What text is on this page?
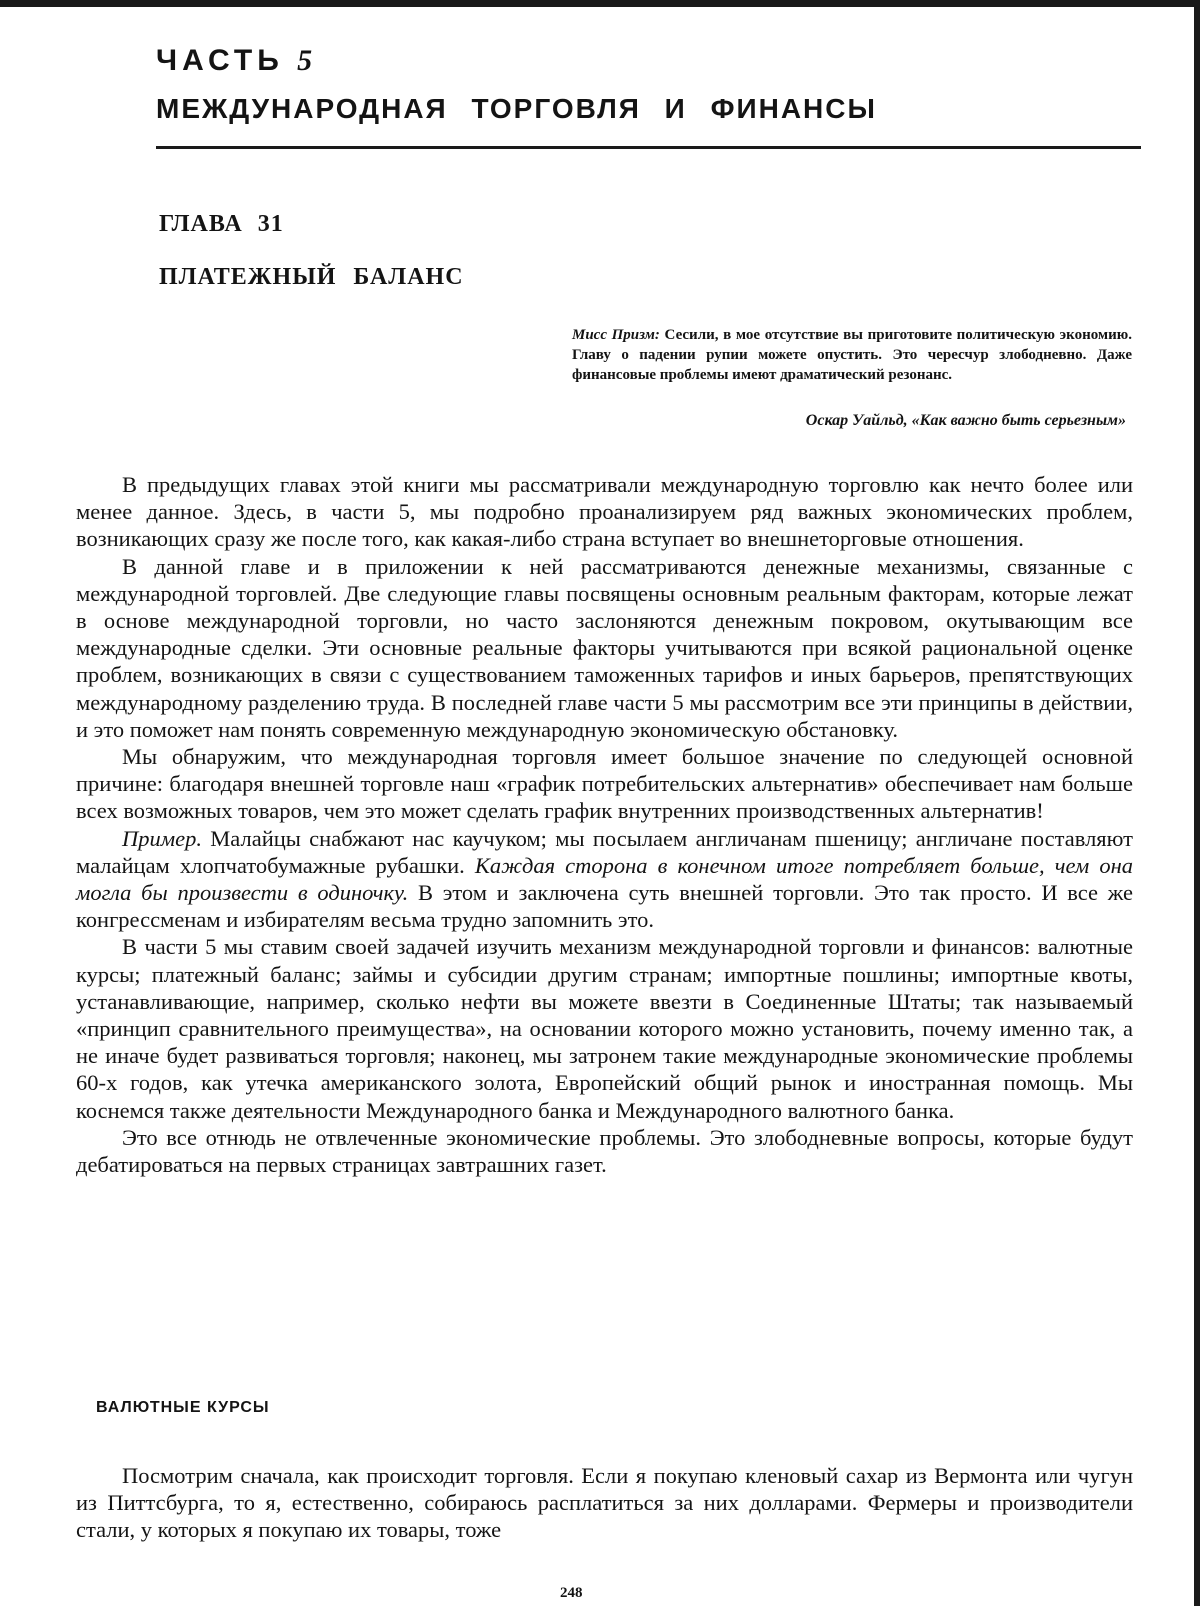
ЧАСТЬ 5
МЕЖДУНАРОДНАЯ ТОРГОВЛЯ И ФИНАНСЫ
ГЛАВА 31
ПЛАТЕЖНЫЙ БАЛАНС
Мисс Призм: Сесили, в мое отсутствие вы приготовите политическую экономию. Главу о падении рупии можете опустить. Это чересчур злободневно. Даже финансовые проблемы имеют драматический резонанс.
Оскар Уайльд, «Как важно быть серьезным»

В предыдущих главах этой книги мы рассматривали международную торговлю как нечто более или менее данное. Здесь, в части 5, мы подробно проанализируем ряд важных экономических проблем, возникающих сразу же после того, как какая-либо страна вступает во внешнеторговые отношения.

В данной главе и в приложении к ней рассматриваются денежные механизмы, связанные с международной торговлей. Две следующие главы посвящены основным реальным факторам, которые лежат в основе международной торговли, но часто заслоняются денежным покровом, окутывающим все международные сделки. Эти основные реальные факторы учитываются при всякой рациональной оценке проблем, возникающих в связи с существованием таможенных тарифов и иных барьеров, препятствующих международному разделению труда. В последней главе части 5 мы рассмотрим все эти принципы в действии, и это поможет нам понять современную международную экономическую обстановку.

Мы обнаружим, что международная торговля имеет большое значение по следующей основной причине: благодаря внешней торговле наш «график потребительских альтернатив» обеспечивает нам больше всех возможных товаров, чем это может сделать график внутренних производственных альтернатив!

Пример. Малайцы снабжают нас каучуком; мы посылаем англичанам пшеницу; англичане поставляют малайцам хлопчатобумажные рубашки. Каждая сторона в конечном итоге потребляет больше, чем она могла бы произвести в одиночку. В этом и заключена суть внешней торговли. Это так просто. И все же конгрессменам и избирателям весьма трудно запомнить это.

В части 5 мы ставим своей задачей изучить механизм международной торговли и финансов: валютные курсы; платежный баланс; займы и субсидии другим странам; импортные пошлины; импортные квоты, устанавливающие, например, сколько нефти вы можете ввезти в Соединенные Штаты; так называемый «принцип сравнительного преимущества», на основании которого можно установить, почему именно так, а не иначе будет развиваться торговля; наконец, мы затронем такие международные экономические проблемы 60-х годов, как утечка американского золота, Европейский общий рынок и иностранная помощь. Мы коснемся также деятельности Международного банка и Международного валютного банка.

Это все отнюдь не отвлеченные экономические проблемы. Это злободневные вопросы, которые будут дебатироваться на первых страницах завтрашних газет.

ВАЛЮТНЫЕ КУРСЫ

Посмотрим сначала, как происходит торговля. Если я покупаю кленовый сахар из Вермонта или чугун из Питтсбурга, то я, естественно, собираюсь расплатиться за них долларами. Фермеры и производители стали, у которых я покупаю их товары, тоже

248
